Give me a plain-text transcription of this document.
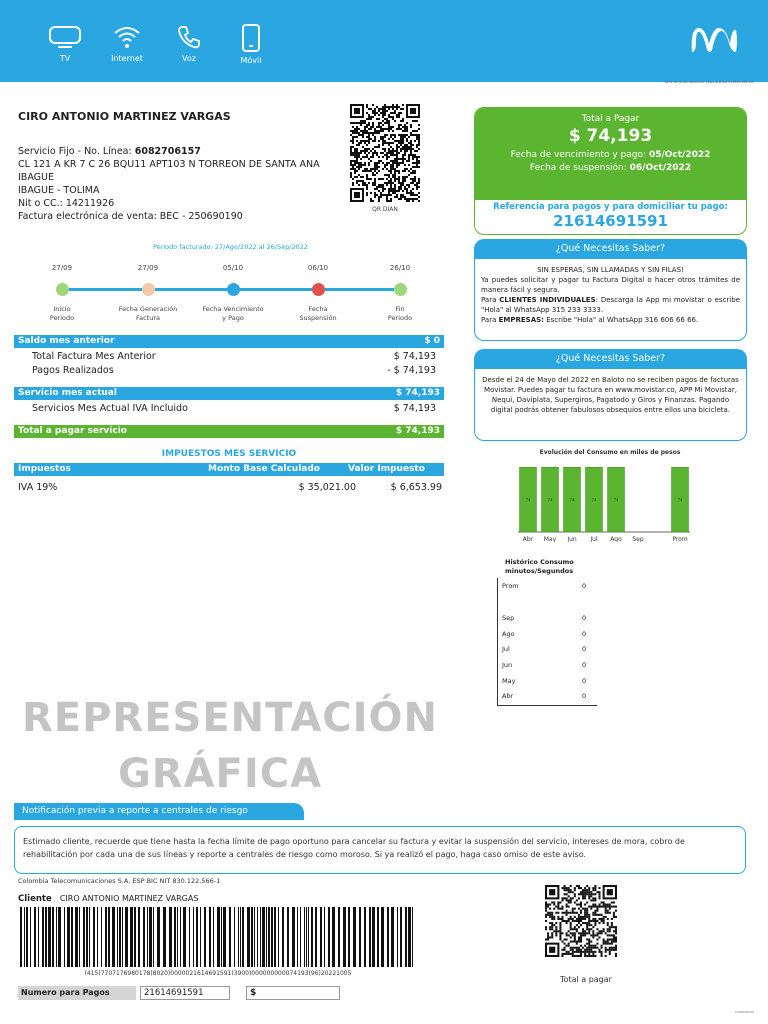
TV	Internet	Voz	Móvil
Parte del Grupo Telefónica. Línea Gratuita 01 8000 930 930
CIRO ANTONIO MARTINEZ VARGAS
Servicio Fijo - No. Línea: 6082706157
CL 121 A KR 7 C 26 BQU11 APT103 N TORREON DE SANTA ANA
IBAGUE
IBAGUE - TOLIMA
Nit o CC.: 14211926
Factura electrónica de venta: BEC - 250690190
QR DIAN
Periodo facturado: 27/Ago/2022 al 26/Sep/2022
27/09
Inicio
Periodo
27/09
Fecha Generación
Factura
05/10
Fecha Vencimiento
y Pago
06/10
Fecha
Suspensión
26/10
Fin
Periodo
Saldo mes anterior	$ 0
Total Factura Mes Anterior	$ 74,193
Pagos Realizados	- $ 74,193
Servicio mes actual	$ 74,193
Servicios Mes Actual IVA Incluido	$ 74,193
Total a pagar servicio	$ 74,193
IMPUESTOS MES SERVICIO
Impuestos	Monto Base Calculado	Valor Impuesto
IVA 19%	$ 35,021.00	$ 6,653.99
Total a Pagar
$ 74,193
Fecha de vencimiento y pago: 05/Oct/2022
Fecha de suspensión: 06/Oct/2022
Referencia para pagos y para domiciliar tu pago:
21614691591
¿Qué Necesitas Saber?
SIN ESPERAS, SIN LLAMADAS Y SIN FILAS!
Ya puedes solicitar y pagar tu Factura Digital o hacer otros trámites de manera fácil y segura.
Para CLIENTES INDIVIDUALES: Descarga la App mi movistar o escribe "Hola" al WhatsApp 315 233 3333.
Para EMPRESAS: Escribe "Hola" al WhatsApp 316 606 66 66.
¿Qué Necesitas Saber?
Desde el 24 de Mayo del 2022 en Baloto no se reciben pagos de facturas Movistar. Puedes pagar tu factura en www.movistar.co, APP Mi Movistar, Nequi, Daviplata, Supergiros, Pagatodo y Giros y Finanzas. Pagando digital podrás obtener fabulosos obsequios entre ellos una bicicleta.
Evolución del Consumo en miles de pesos
74
Abr
74
May
74
Jun
74
Jul
74
Ago Sep
74
Prom
Histórico Consumo
minutos/Segundos
Prom	0
Sep	0
Ago	0
Jul	0
Jun	0
May	0
Abr	0
REPRESENTACIÓN
GRÁFICA
Notificación previa a reporte a centrales de riesgo
Estimado cliente, recuerde que tiene hasta la fecha límite de pago oportuno para cancelar su factura y evitar la suspensión del servicio, intereses de mora, cobro de rehabilitación por cada una de sus líneas y reporte a centrales de riesgo como moroso. Si ya realizó el pago, haga caso omiso de este aviso.
Colombia Telecomunicaciones S.A. ESP BIC NIT 830.122.566-1
Cliente CIRO ANTONIO MARTINEZ VARGAS
(415)7707176980178(8020)0000021614691591(3900)000000000074193(96)20221005
Total a pagar
Numero para Pagos	21614691591	$
0000000000
